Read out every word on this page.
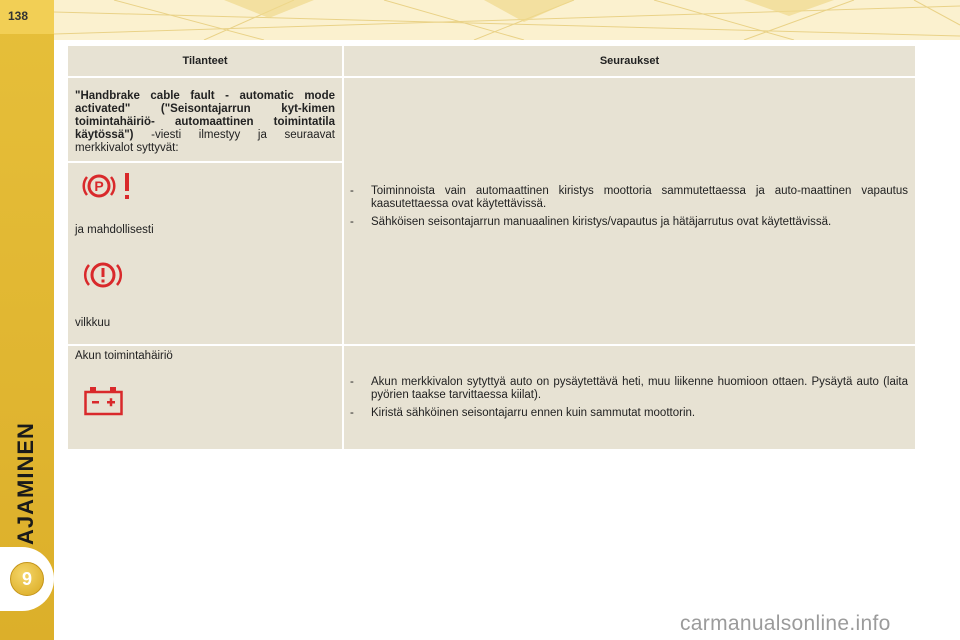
138
AJAMINEN
9
Tilanteet	Seuraukset
"Handbrake cable fault - automatic mode activated" ("Seisontajarrun kyt-kimen toimintahäiriö- automaattinen toimintatila käytössä") -viesti ilmestyy ja seuraavat merkkivalot syttyvät:
P
ja mahdollisesti
vilkkuu
- Toiminnoista vain automaattinen kiristys moottoria sammutettaessa ja auto-maattinen vapautus kaasutettaessa ovat käytettävissä.
- Sähköisen seisontajarrun manuaalinen kiristys/vapautus ja hätäjarrutus ovat käytettävissä.
Akun toimintahäiriö
- Akun merkkivalon sytyttyä auto on pysäytettävä heti, muu liikenne huomioon ottaen. Pysäytä auto (laita pyörien taakse tarvittaessa kiilat).
- Kiristä sähköinen seisontajarru ennen kuin sammutat moottorin.
carmanualsonline.info
